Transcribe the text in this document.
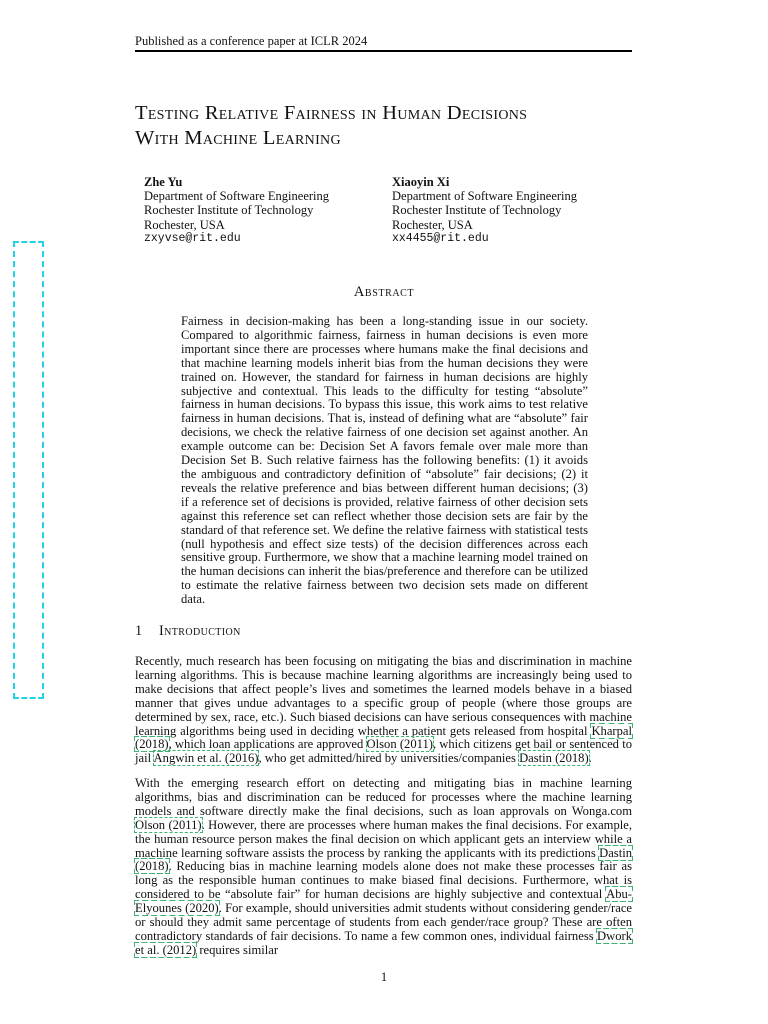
Published as a conference paper at ICLR 2024
Testing Relative Fairness in Human Decisions
With Machine Learning
Zhe Yu
Department of Software Engineering
Rochester Institute of Technology
Rochester, USA
zxyvse@rit.edu
Xiaoyin Xi
Department of Software Engineering
Rochester Institute of Technology
Rochester, USA
xx4455@rit.edu
Abstract
Fairness in decision-making has been a long-standing issue in our society. Compared to algorithmic fairness, fairness in human decisions is even more important since there are processes where humans make the final decisions and that machine learning models inherit bias from the human decisions they were trained on. However, the standard for fairness in human decisions are highly subjective and contextual. This leads to the difficulty for testing “absolute” fairness in human decisions. To bypass this issue, this work aims to test relative fairness in human decisions. That is, instead of defining what are “absolute” fair decisions, we check the relative fairness of one decision set against another. An example outcome can be: Decision Set A favors female over male more than Decision Set B. Such relative fairness has the following benefits: (1) it avoids the ambiguous and contradictory definition of “absolute” fair decisions; (2) it reveals the relative preference and bias between different human decisions; (3) if a reference set of decisions is provided, relative fairness of other decision sets against this reference set can reflect whether those decision sets are fair by the standard of that reference set. We define the relative fairness with statistical tests (null hypothesis and effect size tests) of the decision differences across each sensitive group. Furthermore, we show that a machine learning model trained on the human decisions can inherit the bias/preference and therefore can be utilized to estimate the relative fairness between two decision sets made on different data.
1 Introduction
Recently, much research has been focusing on mitigating the bias and discrimination in machine learning algorithms. This is because machine learning algorithms are increasingly being used to make decisions that affect people’s lives and sometimes the learned models behave in a biased manner that gives undue advantages to a specific group of people (where those groups are determined by sex, race, etc.). Such biased decisions can have serious consequences with machine learning algorithms being used in deciding whether a patient gets released from hospital Kharpal (2018), which loan applications are approved Olson (2011), which citizens get bail or sentenced to jail Angwin et al. (2016), who get admitted/hired by universities/companies Dastin (2018).
With the emerging research effort on detecting and mitigating bias in machine learning algorithms, bias and discrimination can be reduced for processes where the machine learning models and software directly make the final decisions, such as loan approvals on Wonga.com Olson (2011). However, there are processes where human makes the final decisions. For example, the human resource person makes the final decision on which applicant gets an interview while a machine learning software assists the process by ranking the applicants with its predictions Dastin (2018). Reducing bias in machine learning models alone does not make these processes fair as long as the responsible human continues to make biased final decisions. Furthermore, what is considered to be “absolute fair” for human decisions are highly subjective and contextual Abu-Elyounes (2020). For example, should universities admit students without considering gender/race or should they admit same percentage of students from each gender/race group? These are often contradictory standards of fair decisions. To name a few common ones, individual fairness Dwork et al. (2012) requires similar
1
